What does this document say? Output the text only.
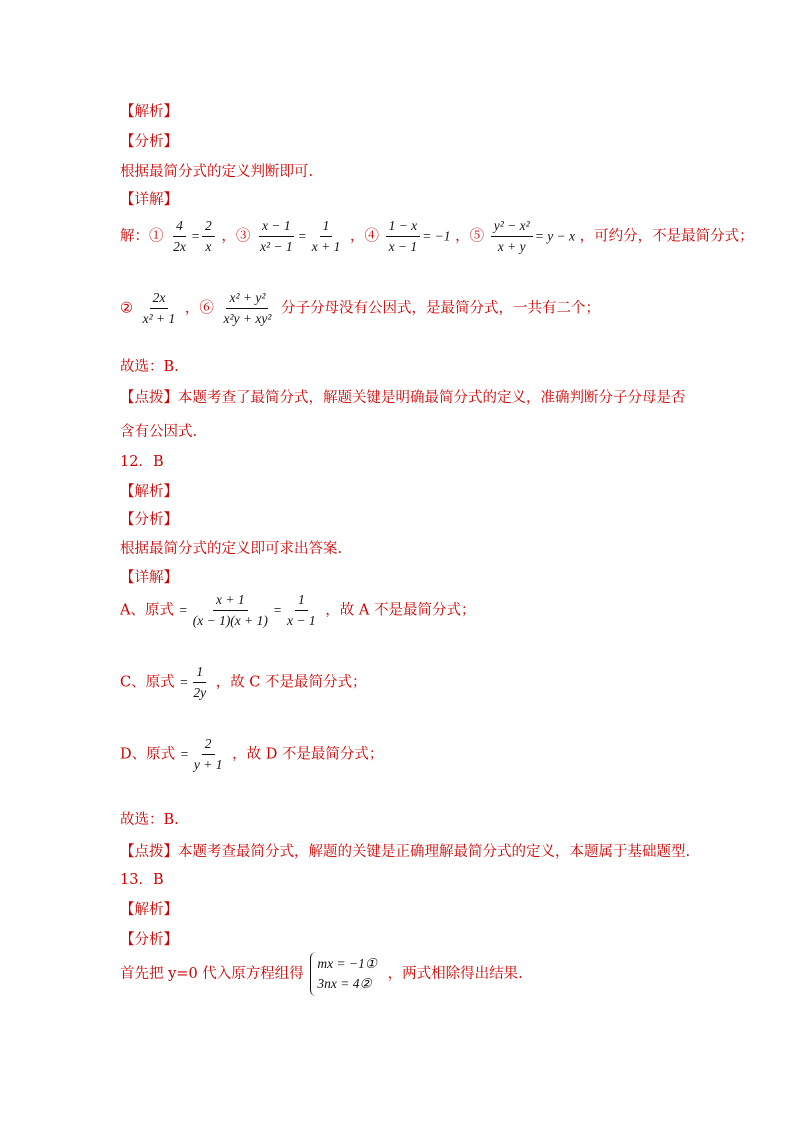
【解析】
【分析】
根据最简分式的定义判断即可.
【详解】
解：① $\frac{4}{2x} = \frac{2}{x}$ ，③ $\frac{x - 1}{\text{x² − 1}} = \frac{1}{x + 1}$ ，④ $\frac{1 - x}{x - 1} = -1$ ，⑤ $\frac{\text{y² − x²}}{x + y} = y - x$ ，可约分，不是最简分式；
② $\frac{2x}{\text{x² + 1}}$ ，⑥ $\frac{\text{x² + y²}}{\text{x²y + xy²}}$ 分子分母没有公因式，是最简分式，一共有二个；
故选：B.
【点拨】本题考查了最简分式，解题关键是明确最简分式的定义，准确判断分子分母是否
含有公因式.
12．B
【解析】
【分析】
根据最简分式的定义即可求出答案.
【详解】
A、原式 = $\frac{x + 1}{(x - 1)(x + 1)} = \frac{1}{x - 1}$ ，故 A 不是最简分式；
C、原式 = $\frac{1}{2y}$ ，故 C 不是最简分式；
D、原式 = $\frac{2}{y + 1}$ ，故 D 不是最简分式；
故选：B.
【点拨】本题考查最简分式，解题的关键是正确理解最简分式的定义，本题属于基础题型.
13．B
【解析】
【分析】
首先把 y=0 代入原方程组得 mx = −1①
3nx = 4② ，两式相除得出结果.
